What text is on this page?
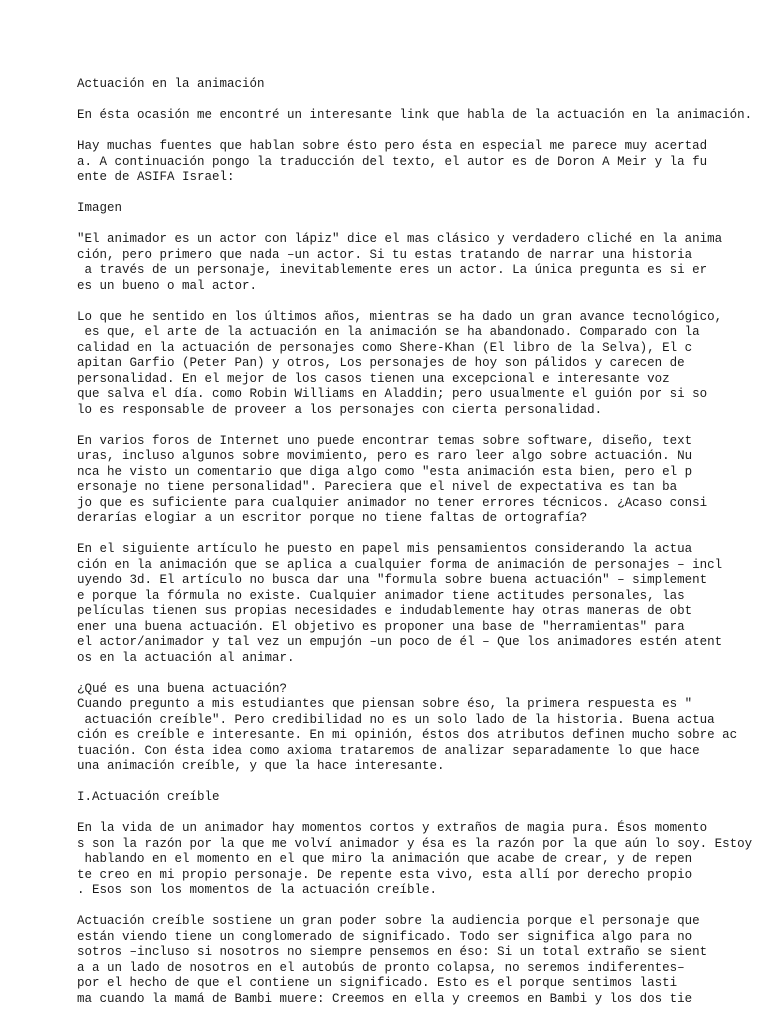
Actuación en la animación

En ésta ocasión me encontré un interesante link que habla de la actuación en la animación.

Hay muchas fuentes que hablan sobre ésto pero ésta en especial me parece muy acertad
a. A continuación pongo la traducción del texto, el autor es de Doron A Meir y la fu
ente de ASIFA Israel:

Imagen

"El animador es un actor con lápiz" dice el mas clásico y verdadero cliché en la anima
ción, pero primero que nada –un actor. Si tu estas tratando de narrar una historia
a través de un personaje, inevitablemente eres un actor. La única pregunta es si er
es un bueno o mal actor.

Lo que he sentido en los últimos años, mientras se ha dado un gran avance tecnológico,
es que, el arte de la actuación en la animación se ha abandonado. Comparado con la
calidad en la actuación de personajes como Shere-Khan (El libro de la Selva), El c
apitan Garfio (Peter Pan) y otros, Los personajes de hoy son pálidos y carecen de
personalidad. En el mejor de los casos tienen una excepcional e interesante voz
que salva el día. como Robin Williams en Aladdin; pero usualmente el guión por si so
lo es responsable de proveer a los personajes con cierta personalidad.

En varios foros de Internet uno puede encontrar temas sobre software, diseño, text
uras, incluso algunos sobre movimiento, pero es raro leer algo sobre actuación. Nu
nca he visto un comentario que diga algo como "esta animación esta bien, pero el p
ersonaje no tiene personalidad". Pareciera que el nivel de expectativa es tan ba
jo que es suficiente para cualquier animador no tener errores técnicos. ¿Acaso consi
derarías elogiar a un escritor porque no tiene faltas de ortografía?

En el siguiente artículo he puesto en papel mis pensamientos considerando la actua
ción en la animación que se aplica a cualquier forma de animación de personajes – incl
uyendo 3d. El artículo no busca dar una "formula sobre buena actuación" – simplement
e porque la fórmula no existe. Cualquier animador tiene actitudes personales, las
películas tienen sus propias necesidades e indudablemente hay otras maneras de obt
ener una buena actuación. El objetivo es proponer una base de "herramientas" para
el actor/animador y tal vez un empujón –un poco de él – Que los animadores estén atent
os en la actuación al animar.

¿Qué es una buena actuación?
Cuando pregunto a mis estudiantes que piensan sobre éso, la primera respuesta es "
actuación creíble". Pero credibilidad no es un solo lado de la historia. Buena actua
ción es creíble e interesante. En mi opinión, éstos dos atributos definen mucho sobre ac
tuación. Con ésta idea como axioma trataremos de analizar separadamente lo que hace
una animación creíble, y que la hace interesante.

I.Actuación creíble

En la vida de un animador hay momentos cortos y extraños de magia pura. Ésos momento
s son la razón por la que me volví animador y ésa es la razón por la que aún lo soy. Estoy
hablando en el momento en el que miro la animación que acabe de crear, y de repen
te creo en mi propio personaje. De repente esta vivo, esta allí por derecho propio
. Esos son los momentos de la actuación creíble.

Actuación creíble sostiene un gran poder sobre la audiencia porque el personaje que
están viendo tiene un conglomerado de significado. Todo ser significa algo para no
sotros –incluso si nosotros no siempre pensemos en éso: Si un total extraño se sient
a a un lado de nosotros en el autobús de pronto colapsa, no seremos indiferentes–
por el hecho de que el contiene un significado. Esto es el porque sentimos lasti
ma cuando la mamá de Bambi muere: Creemos en ella y creemos en Bambi y los dos tie
